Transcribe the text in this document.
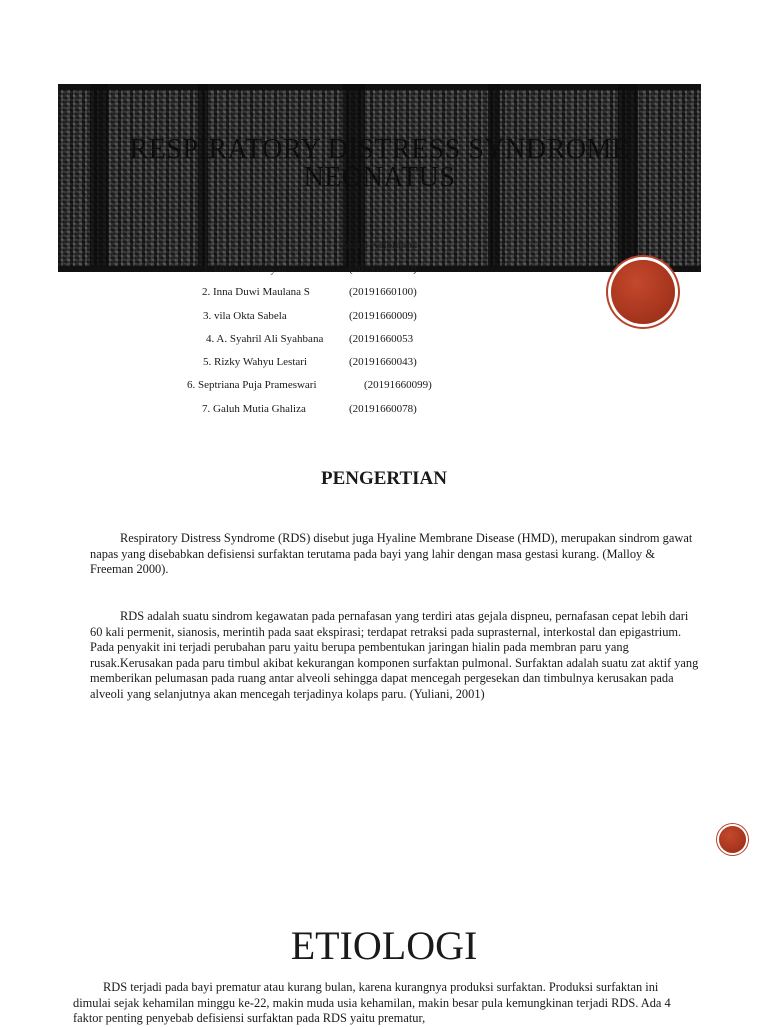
RESPIRATORY DISTRESS SYNDROME
NEONATUS
Nama Kelompok
1. Dinda Kumayau	(20191660080)
2. Inna Duwi Maulana S	(20191660100)
3. vila Okta Sabela	(20191660009)
4. A. Syahril Ali Syahbana (20191660053
5. Rizky Wahyu Lestari	(20191660043)
6. Septriana Puja Prameswari	(20191660099)
7. Galuh Mutia Ghaliza	(20191660078)
PENGERTIAN

Respiratory Distress Syndrome (RDS) disebut juga Hyaline Membrane Disease (HMD), merupakan sindrom gawat napas yang disebabkan defisiensi surfaktan terutama pada bayi yang lahir dengan masa gestasi kurang. (Malloy & Freeman 2000).

RDS adalah suatu sindrom kegawatan pada pernafasan yang terdiri atas gejala dispneu, pernafasan cepat lebih dari 60 kali permenit, sianosis, merintih pada saat ekspirasi; terdapat retraksi pada suprasternal, interkostal dan epigastrium. Pada penyakit ini terjadi perubahan paru yaitu berupa pembentukan jaringan hialin pada membran paru yang rusak.Kerusakan pada paru timbul akibat kekurangan komponen surfaktan pulmonal. Surfaktan adalah suatu zat aktif yang memberikan pelumasan pada ruang antar alveoli sehingga dapat mencegah pergesekan dan timbulnya kerusakan pada alveoli yang selanjutnya akan mencegah terjadinya kolaps paru. (Yuliani, 2001)

ETIOLOGI

RDS terjadi pada bayi prematur atau kurang bulan, karena kurangnya produksi surfaktan. Produksi surfaktan ini dimulai sejak kehamilan minggu ke-22, makin muda usia kehamilan, makin besar pula kemungkinan terjadi RDS. Ada 4 faktor penting penyebab defisiensi surfaktan pada RDS yaitu prematur,
